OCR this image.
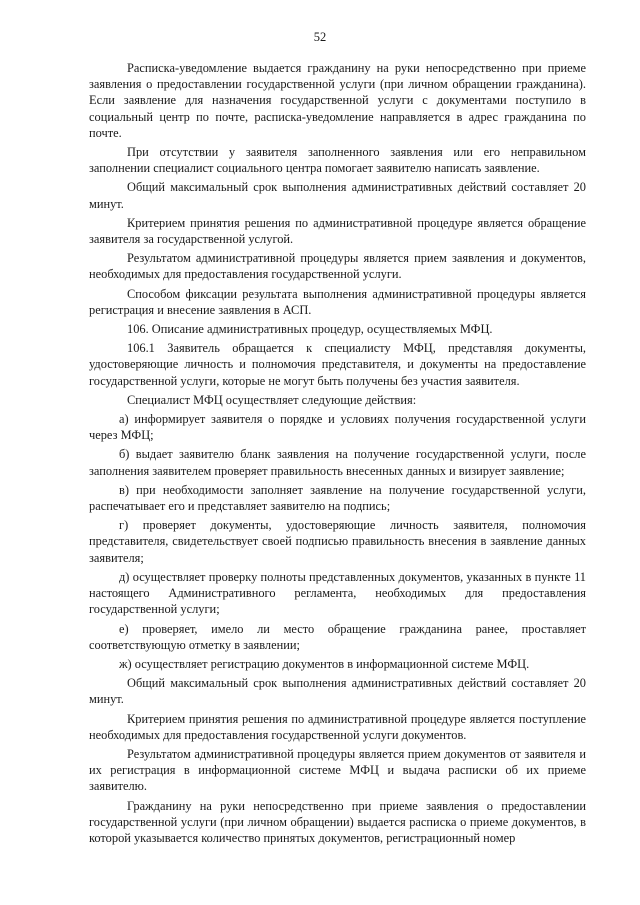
52

Расписка-уведомление выдается гражданину на руки непосредственно при приеме заявления о предоставлении государственной услуги (при личном обращении гражданина). Если заявление для назначения государственной услуги с документами поступило в социальный центр по почте, расписка-уведомление направляется в адрес гражданина по почте.

При отсутствии у заявителя заполненного заявления или его неправильном заполнении специалист социального центра помогает заявителю написать заявление.

Общий максимальный срок выполнения административных действий составляет 20 минут.

Критерием принятия решения по административной процедуре является обращение заявителя за государственной услугой.

Результатом административной процедуры является прием заявления и документов, необходимых для предоставления государственной услуги.

Способом фиксации результата выполнения административной процедуры является регистрация и внесение заявления в АСП.

106. Описание административных процедур, осуществляемых МФЦ.

106.1 Заявитель обращается к специалисту МФЦ, представляя документы, удостоверяющие личность и полномочия представителя, и документы на предоставление государственной услуги, которые не могут быть получены без участия заявителя.

Специалист МФЦ осуществляет следующие действия:

а) информирует заявителя о порядке и условиях получения государственной услуги через МФЦ;

б) выдает заявителю бланк заявления на получение государственной услуги, после заполнения заявителем проверяет правильность внесенных данных и визирует заявление;

в) при необходимости заполняет заявление на получение государственной услуги, распечатывает его и представляет заявителю на подпись;

г) проверяет документы, удостоверяющие личность заявителя, полномочия представителя, свидетельствует своей подписью правильность внесения в заявление данных заявителя;

д) осуществляет проверку полноты представленных документов, указанных в пункте 11 настоящего Административного регламента, необходимых для предоставления государственной услуги;

е) проверяет, имело ли место обращение гражданина ранее, проставляет соответствующую отметку в заявлении;

ж) осуществляет регистрацию документов в информационной системе МФЦ.

Общий максимальный срок выполнения административных действий составляет 20 минут.

Критерием принятия решения по административной процедуре является поступление необходимых для предоставления государственной услуги документов.

Результатом административной процедуры является прием документов от заявителя и их регистрация в информационной системе МФЦ и выдача расписки об их приеме заявителю.

Гражданину на руки непосредственно при приеме заявления о предоставлении государственной услуги (при личном обращении) выдается расписка о приеме документов, в которой указывается количество принятых документов, регистрационный номер
